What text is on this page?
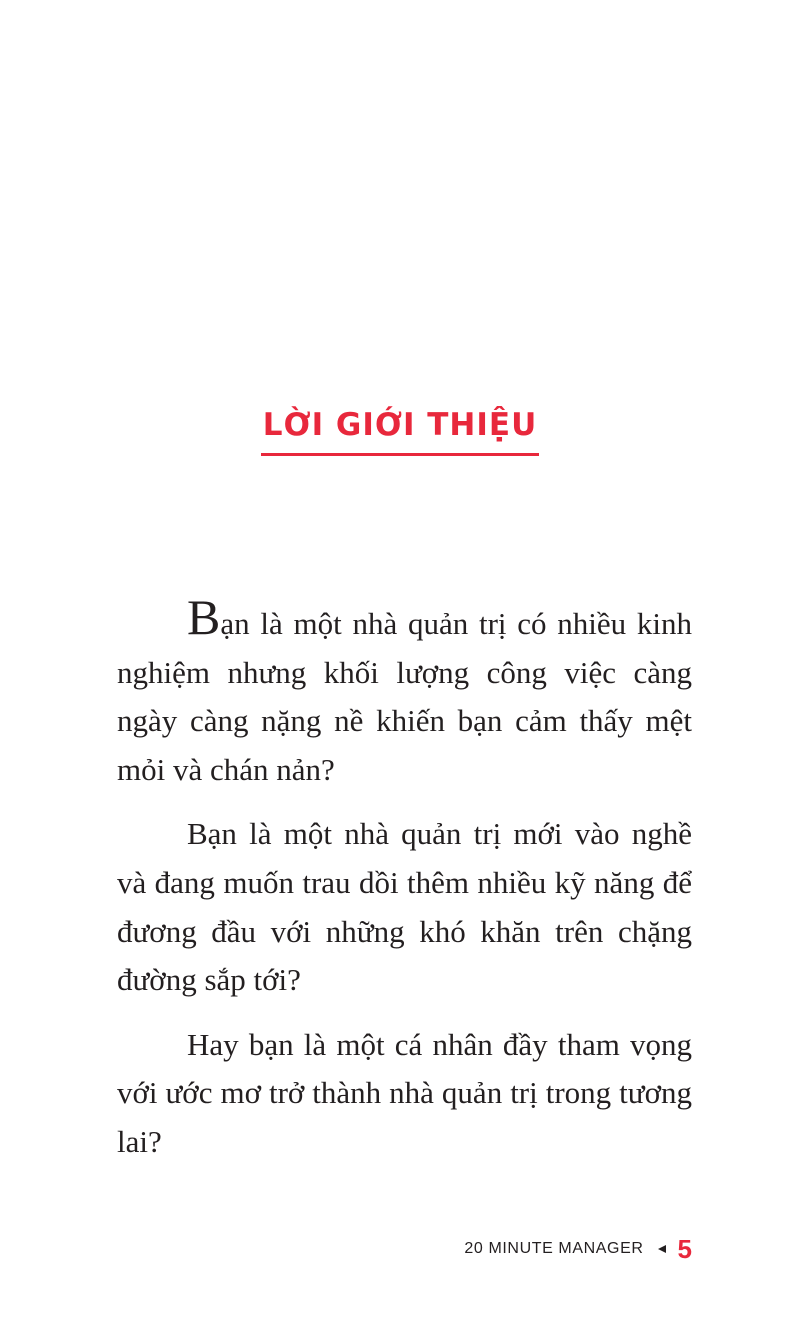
LỜI GIỚI THIỆU

Bạn là một nhà quản trị có nhiều kinh nghiệm nhưng khối lượng công việc càng ngày càng nặng nề khiến bạn cảm thấy mệt mỏi và chán nản?

Bạn là một nhà quản trị mới vào nghề và đang muốn trau dồi thêm nhiều kỹ năng để đương đầu với những khó khăn trên chặng đường sắp tới?

Hay bạn là một cá nhân đầy tham vọng với ước mơ trở thành nhà quản trị trong tương lai?

20 MINUTE MANAGER 5
